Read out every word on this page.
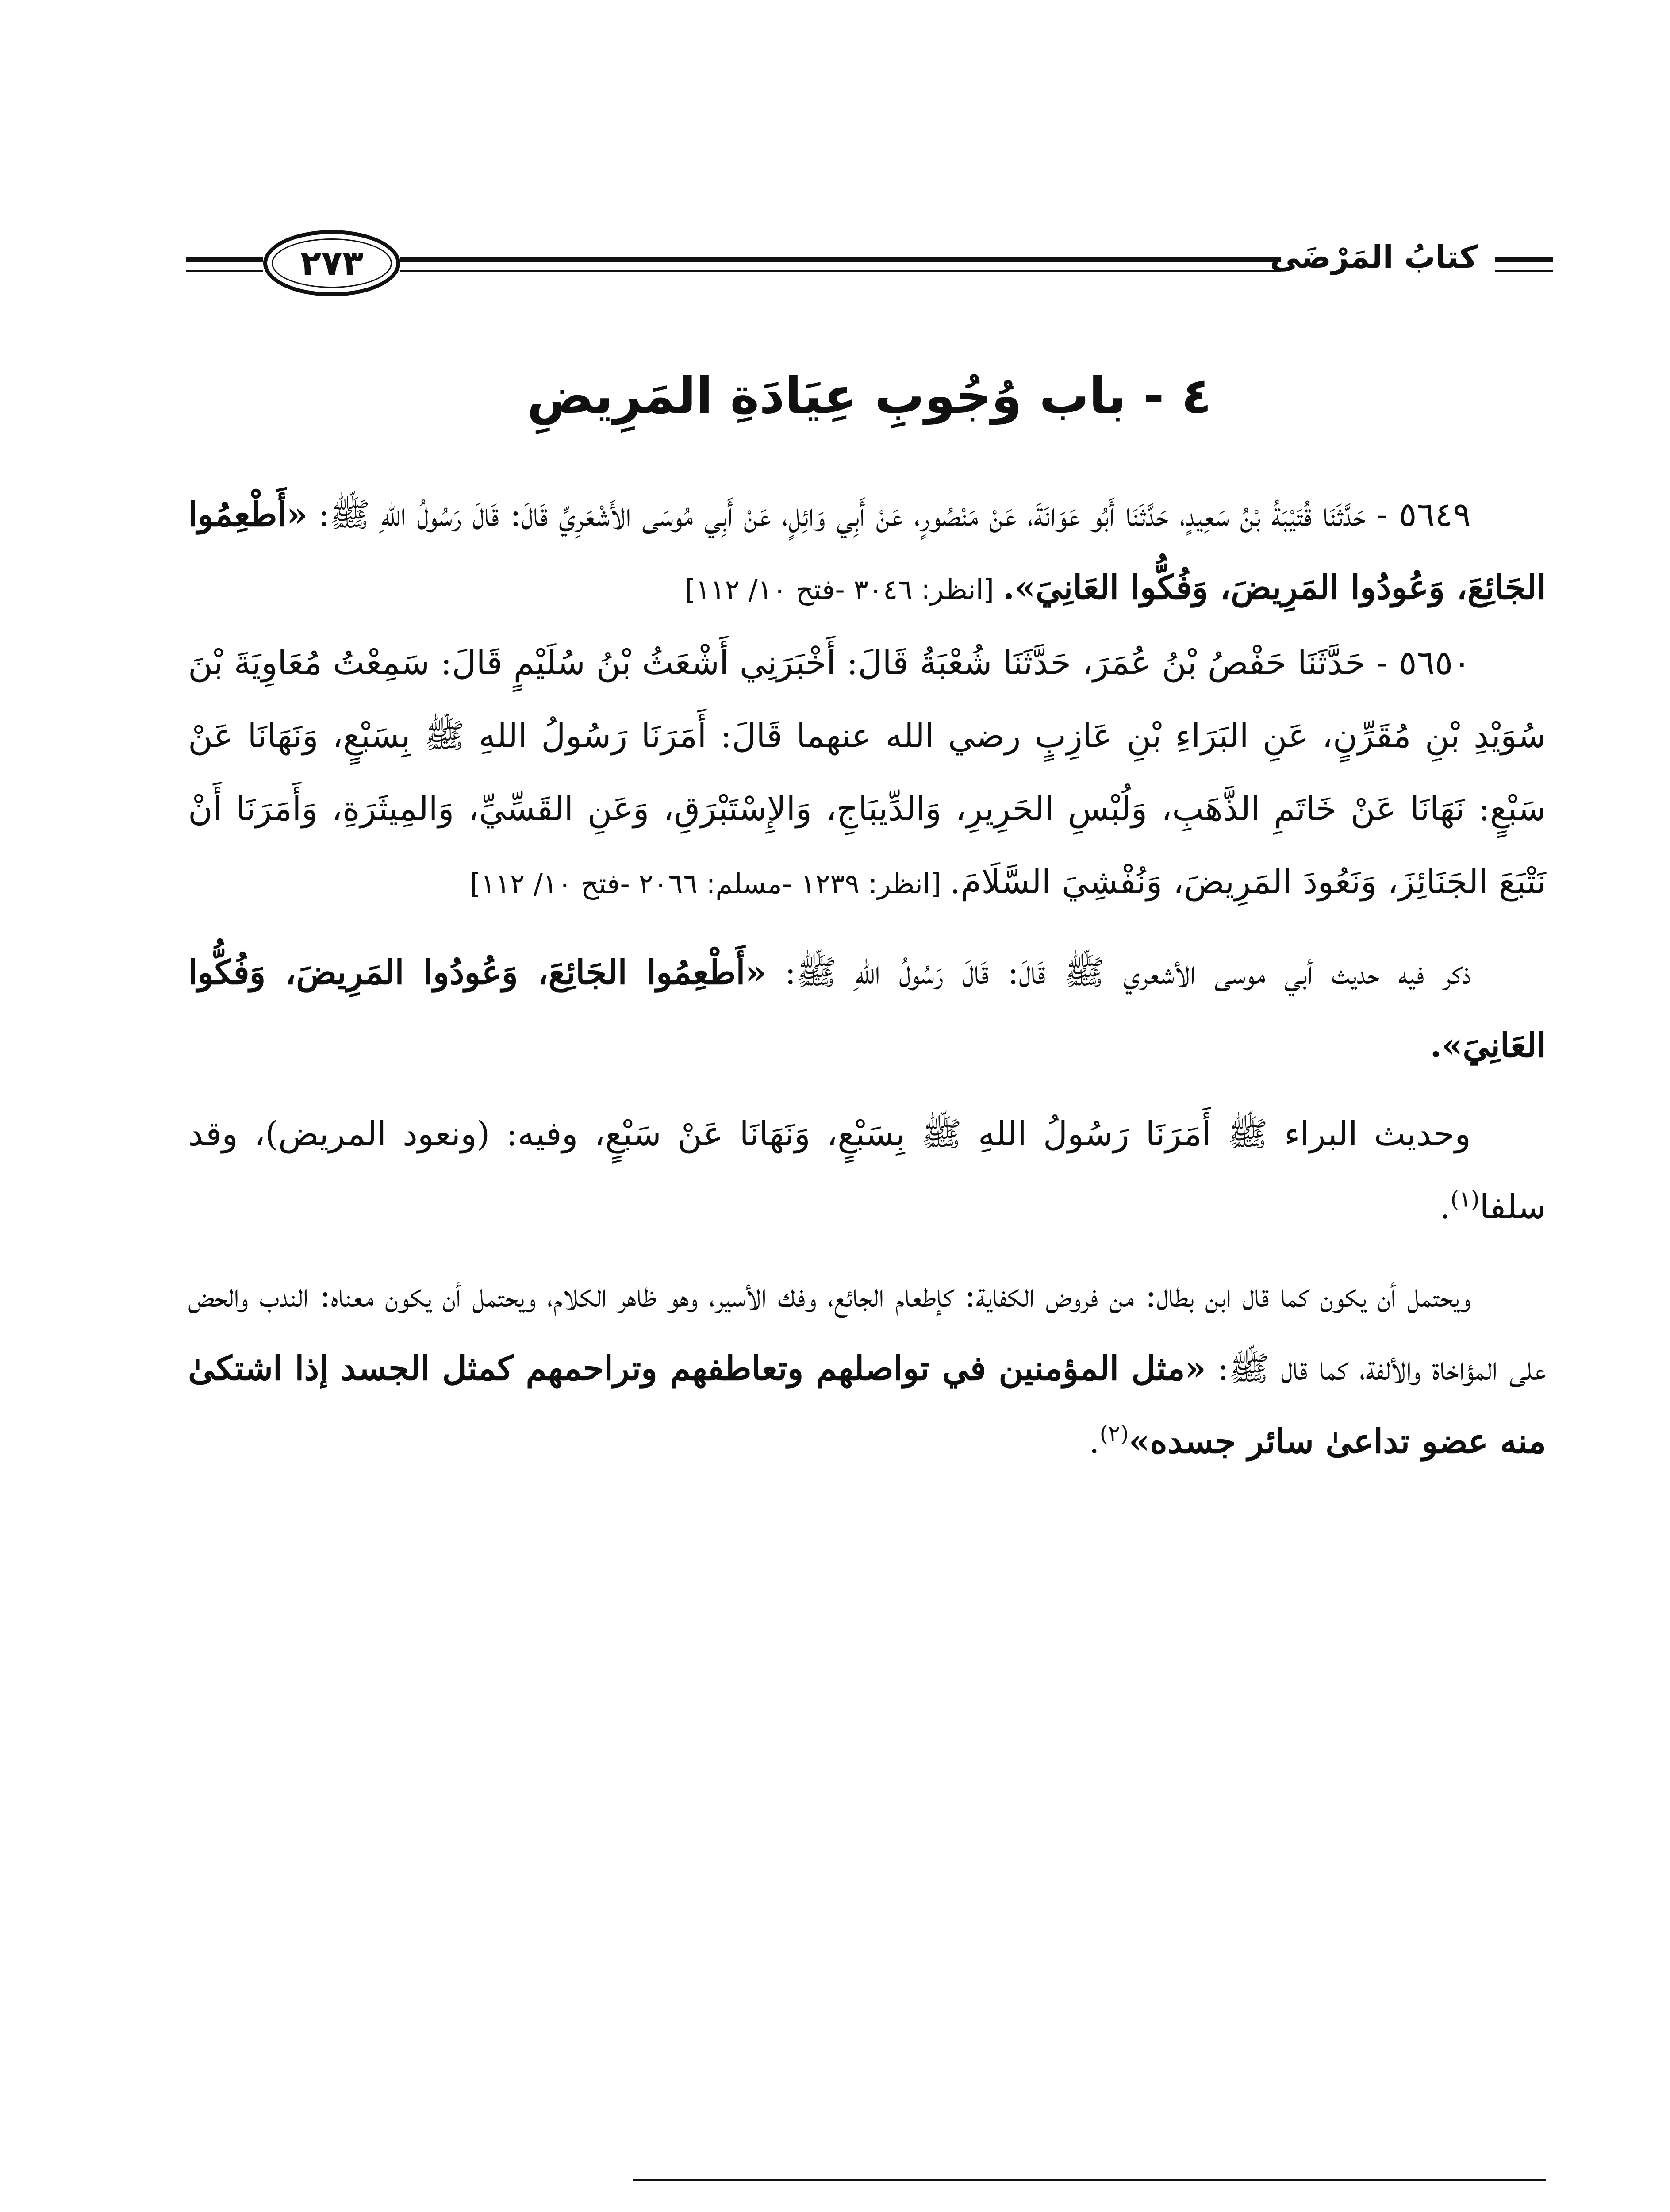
كتابُ المَرْضَى
٢٧٣
٤ - باب وُجُوبِ عِيَادَةِ المَرِيضِ

٥٦٤٩ - حَدَّثَنَا قُتَيْبَةُ بْنُ سَعِيدٍ، حَدَّثَنَا أَبُو عَوَانَةَ، عَنْ مَنْصُورٍ، عَنْ أَبِي وَائِلٍ، عَنْ أَبِي مُوسَى الأَشْعَرِيِّ قَالَ: قَالَ رَسُولُ اللهِ ﷺ: «أَطْعِمُوا الجَائِعَ، وَعُودُوا المَرِيضَ، وَفُكُّوا العَانِيَ». [انظر: ٣٠٤٦ -فتح ١٠/ ١١٢]

٥٦٥٠ - حَدَّثَنَا حَفْصُ بْنُ عُمَرَ، حَدَّثَنَا شُعْبَةُ قَالَ: أَخْبَرَنِي أَشْعَثُ بْنُ سُلَيْمٍ قَالَ: سَمِعْتُ مُعَاوِيَةَ بْنَ سُوَيْدِ بْنِ مُقَرِّنٍ، عَنِ البَرَاءِ بْنِ عَازِبٍ رضي الله عنهما قَالَ: أَمَرَنَا رَسُولُ اللهِ ﷺ بِسَبْعٍ، وَنَهَانَا عَنْ سَبْعٍ: نَهَانَا عَنْ خَاتَمِ الذَّهَبِ، وَلُبْسِ الحَرِيرِ، وَالدِّيبَاجِ، وَالإِسْتَبْرَقِ، وَعَنِ القَسِّيِّ، وَالمِيثَرَةِ، وَأَمَرَنَا أَنْ نَتْبَعَ الجَنَائِزَ، وَنَعُودَ المَرِيضَ، وَنُفْشِيَ السَّلَامَ. [انظر: ١٢٣٩ -مسلم: ٢٠٦٦ -فتح ١٠/ ١١٢]

ذكر فيه حديث أبي موسى الأشعري ﷺ قَالَ: قَالَ رَسُولُ اللهِ ﷺ: «أَطْعِمُوا الجَائِعَ، وَعُودُوا المَرِيضَ، وَفُكُّوا العَانِيَ».

وحديث البراء ﷺ أَمَرَنَا رَسُولُ اللهِ ﷺ بِسَبْعٍ، وَنَهَانَا عَنْ سَبْعٍ، وفيه: (ونعود المريض)، وقد سلفا$^{(١)}$.

ويحتمل أن يكون كما قال ابن بطال: من فروض الكفاية: كإطعام الجائع، وفك الأسير، وهو ظاهر الكلام، ويحتمل أن يكون معناه: الندب والحض على المؤاخاة والألفة، كما قال ﷺ: «مثل المؤمنين في تواصلهم وتعاطفهم وتراحمهم كمثل الجسد إذا اشتكىٰ منه عضو تداعىٰ سائر جسده»$^{(٢)}$.
